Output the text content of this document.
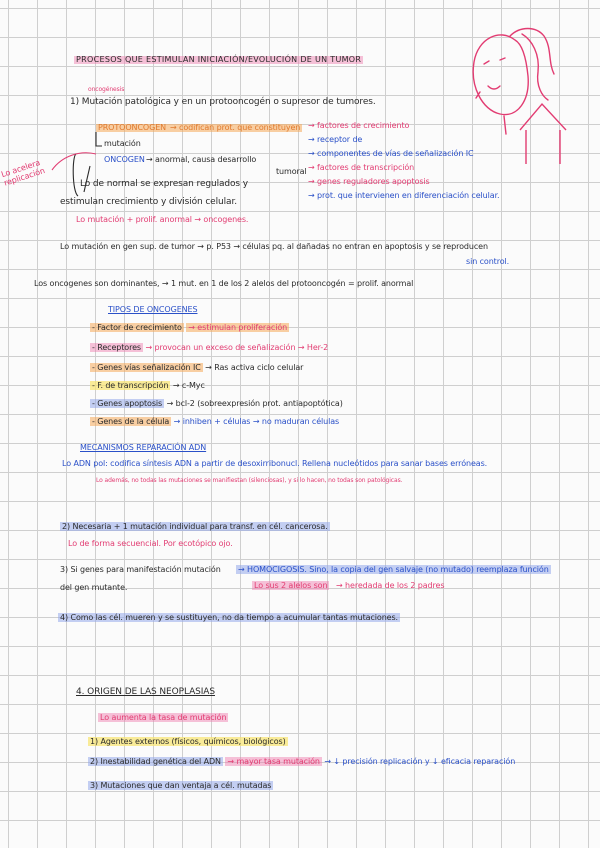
PROCESOS QUE ESTIMULAN INICIACIÓN/EVOLUCIÓN DE UN TUMOR
oncogénesis
1) Mutación patológica y en un protooncogén o supresor de tumores.
PROTOONCOGEN → codifican prot. que constituyen → factores de crecimiento
→ receptor de
→ componentes de vías de señalización IC
→ factores de transcripción
→ genes reguladores apoptosis
→ prot. que intervienen en diferenciación celular.
mutación
Lo acelera replicación
ONCOGEN → anormal, causa desarrollo
tumoral
Lo de normal se expresan regulados y
estimulan crecimiento y división celular.
Lo mutación + prolif. anormal → oncogenes.
Lo mutación en gen sup. de tumor → p. P53 → células pq. al dañadas no entran en apoptosis y se reproducen
sin control.
Los oncogenes son dominantes, → 1 mut. en 1 de los 2 alelos del protooncogén = prolif. anormal
TIPOS DE ONCOGENES
- Factor de crecimiento → estimulan proliferación
- Receptores → provocan un exceso de señalización → Her-2
- Genes vías señalización IC → Ras activa ciclo celular
- F. de transcripción → c-Myc
- Genes apoptosis → bcl-2 (sobreexpresión prot. antiapoptótica)
- Genes de la célula → inhiben + células → no maduran células
MECANISMOS REPARACIÓN ADN
Lo ADN pol: codifica síntesis ADN a partir de desoxirribonucl. Rellena nucleótidos para sanar bases erróneas.
Lo además, no todas las mutaciones se manifiestan (silenciosas), y si lo hacen, no todas son patológicas.
2) Necesaria + 1 mutación individual para transf. en cél. cancerosa.
Lo de forma secuencial. Por ecotópico ojo.
3) Si genes para manifestación mutación → HOMOCIGOSIS. Sino, la copia del gen salvaje (no mutado) reemplaza función
del gen mutante.	Lo sus 2 alelos son → heredada de los 2 padres
4) Como las cél. mueren y se sustituyen, no da tiempo a acumular tantas mutaciones.
4. ORIGEN DE LAS NEOPLASIAS
Lo aumenta la tasa de mutación
1) Agentes externos (físicos, químicos, biológicos)
2) Inestabilidad genética del ADN → mayor tasa mutación → ↓ precisión replicación y ↓ eficacia reparación
3) Mutaciones que dan ventaja a cél. mutadas
